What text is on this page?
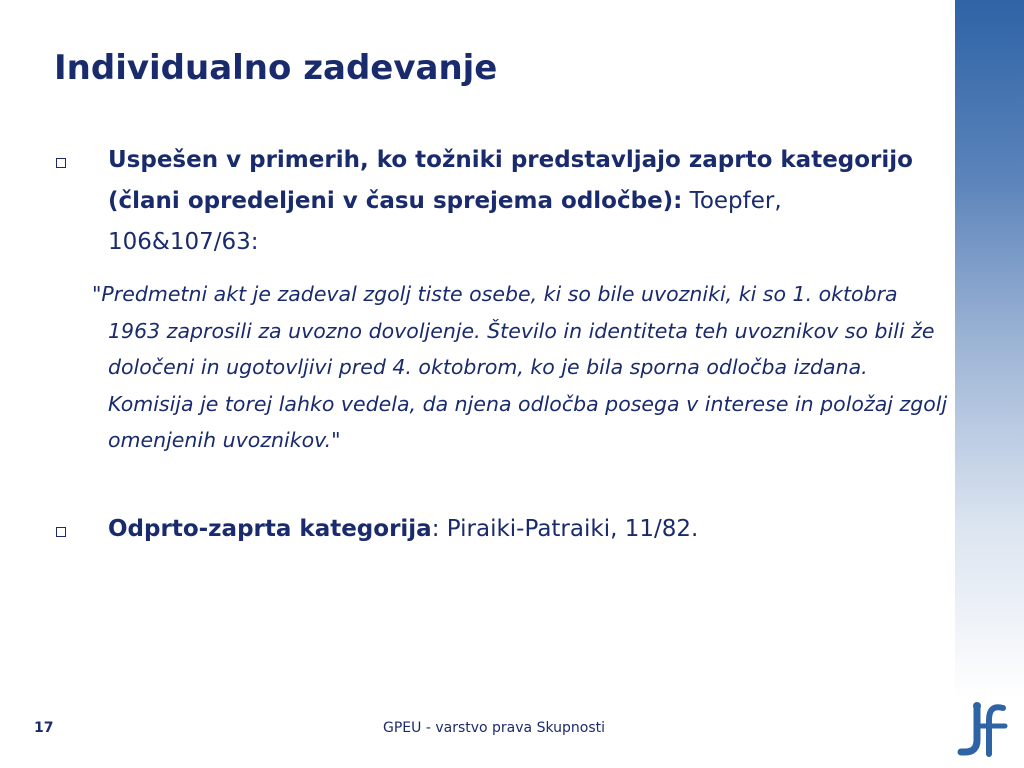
Individualno zadevanje
Uspešen v primerih, ko tožniki predstavljajo zaprto kategorijo (člani opredeljeni v času sprejema odločbe): Toepfer, 106&107/63:
"Predmetni akt je zadeval zgolj tiste osebe, ki so bile uvozniki, ki so 1. oktobra 1963 zaprosili za uvozno dovoljenje. Število in identiteta teh uvoznikov so bili že določeni in ugotovljivi pred 4. oktobrom, ko je bila sporna odločba izdana. Komisija je torej lahko vedela, da njena odločba posega v interese in položaj zgolj omenjenih uvoznikov."
Odprto-zaprta kategorija: Piraiki-Patraiki, 11/82.
17	GPEU - varstvo prava Skupnosti
